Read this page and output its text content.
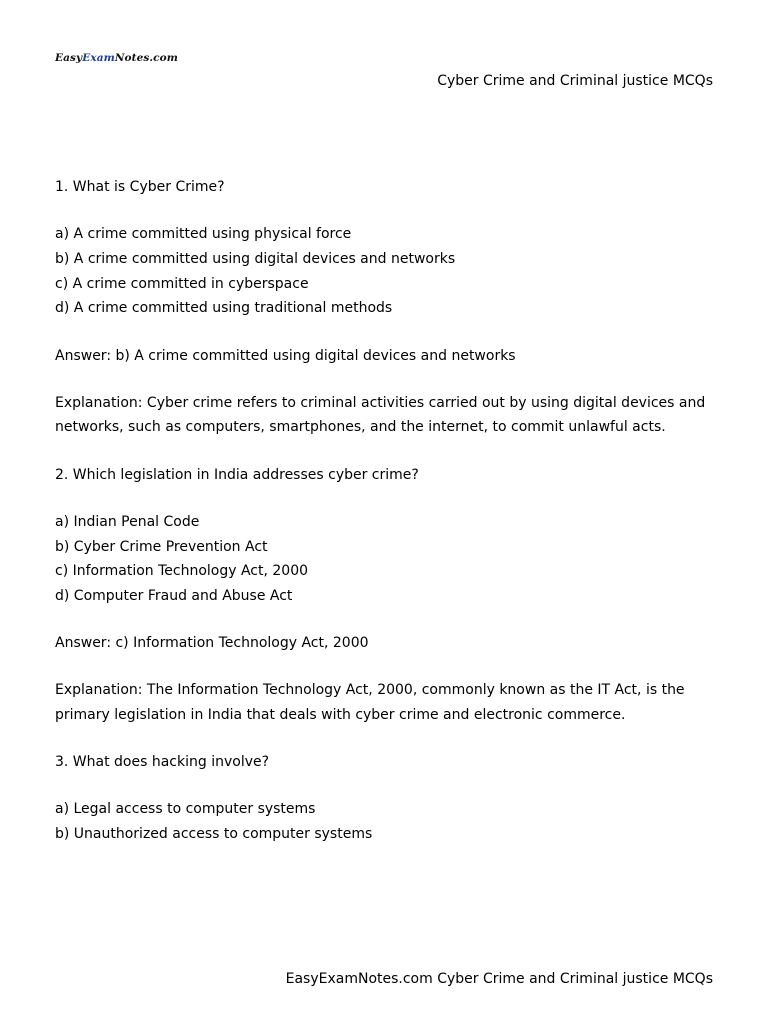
EasyExamNotes.com
Cyber Crime and Criminal justice MCQs

1. What is Cyber Crime?

a) A crime committed using physical force

b) A crime committed using digital devices and networks

c) A crime committed in cyberspace

d) A crime committed using traditional methods

Answer: b) A crime committed using digital devices and networks

Explanation: Cyber crime refers to criminal activities carried out by using digital devices and networks, such as computers, smartphones, and the internet, to commit unlawful acts.

2. Which legislation in India addresses cyber crime?

a) Indian Penal Code

b) Cyber Crime Prevention Act

c) Information Technology Act, 2000

d) Computer Fraud and Abuse Act

Answer: c) Information Technology Act, 2000

Explanation: The Information Technology Act, 2000, commonly known as the IT Act, is the primary legislation in India that deals with cyber crime and electronic commerce.

3. What does hacking involve?

a) Legal access to computer systems

b) Unauthorized access to computer systems

EasyExamNotes.com Cyber Crime and Criminal justice MCQs
